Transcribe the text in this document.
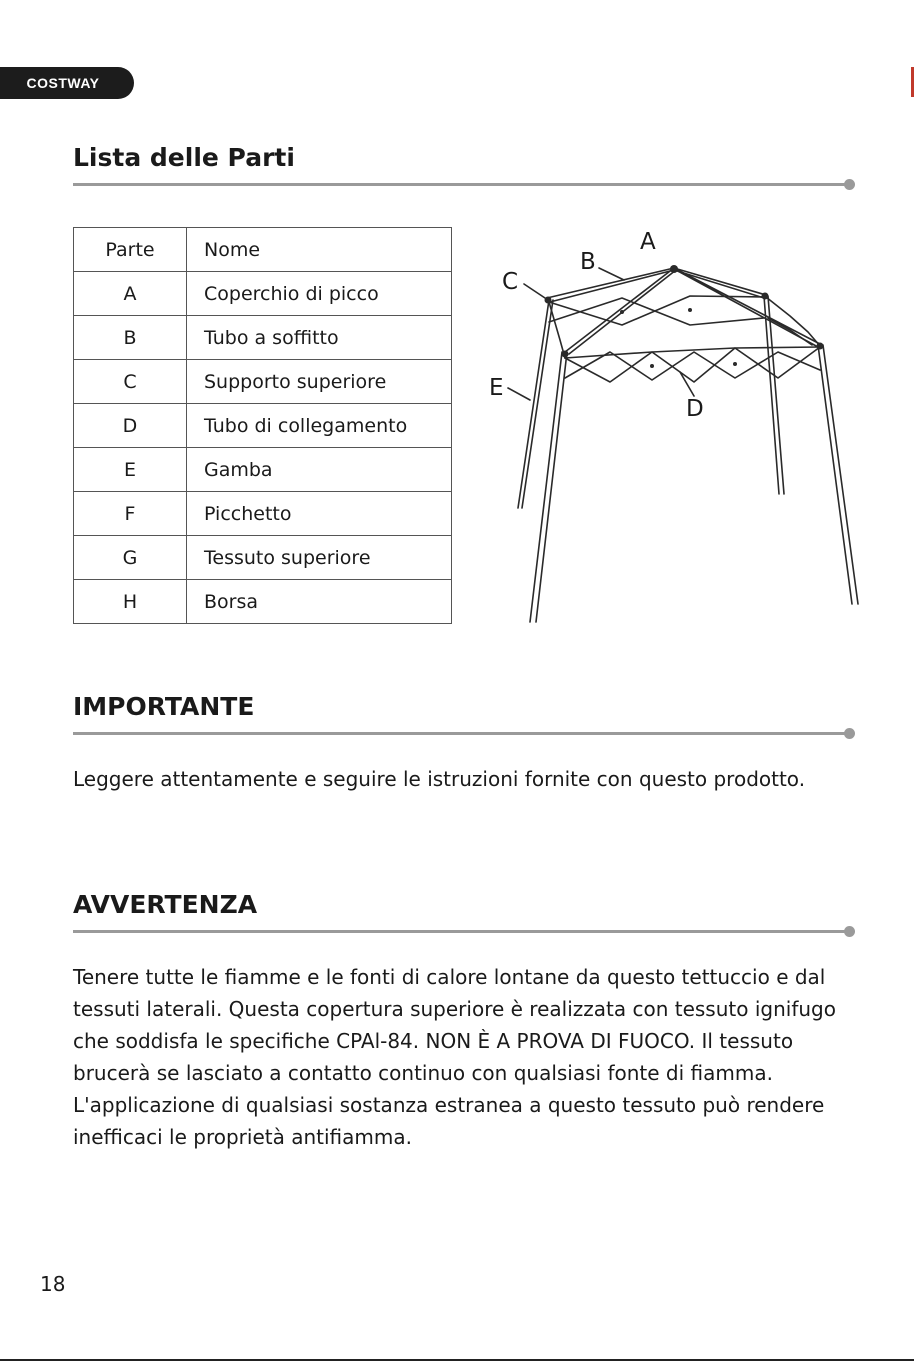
COSTWAY
Lista delle Parti
Parte	Nome
A	Coperchio di picco
B	Tubo a soffitto
C	Supporto superiore
D	Tubo di collegamento
E	Gamba
F	Picchetto
G	Tessuto superiore
H	Borsa
A
B
C
D
E
IMPORTANTE

Leggere attentamente e seguire le istruzioni fornite con questo prodotto.

AVVERTENZA

Tenere tutte le fiamme e le fonti di calore lontane da questo tettuccio e dal tessuti laterali. Questa copertura superiore è realizzata con tessuto ignifugo che soddisfa le specifiche CPAl-84. NON È A PROVA DI FUOCO. Il tessuto brucerà se lasciato a contatto continuo con qualsiasi fonte di fiamma. L'applicazione di qualsiasi sostanza estranea a questo tessuto può rendere inefficaci le proprietà antifiamma.

18
